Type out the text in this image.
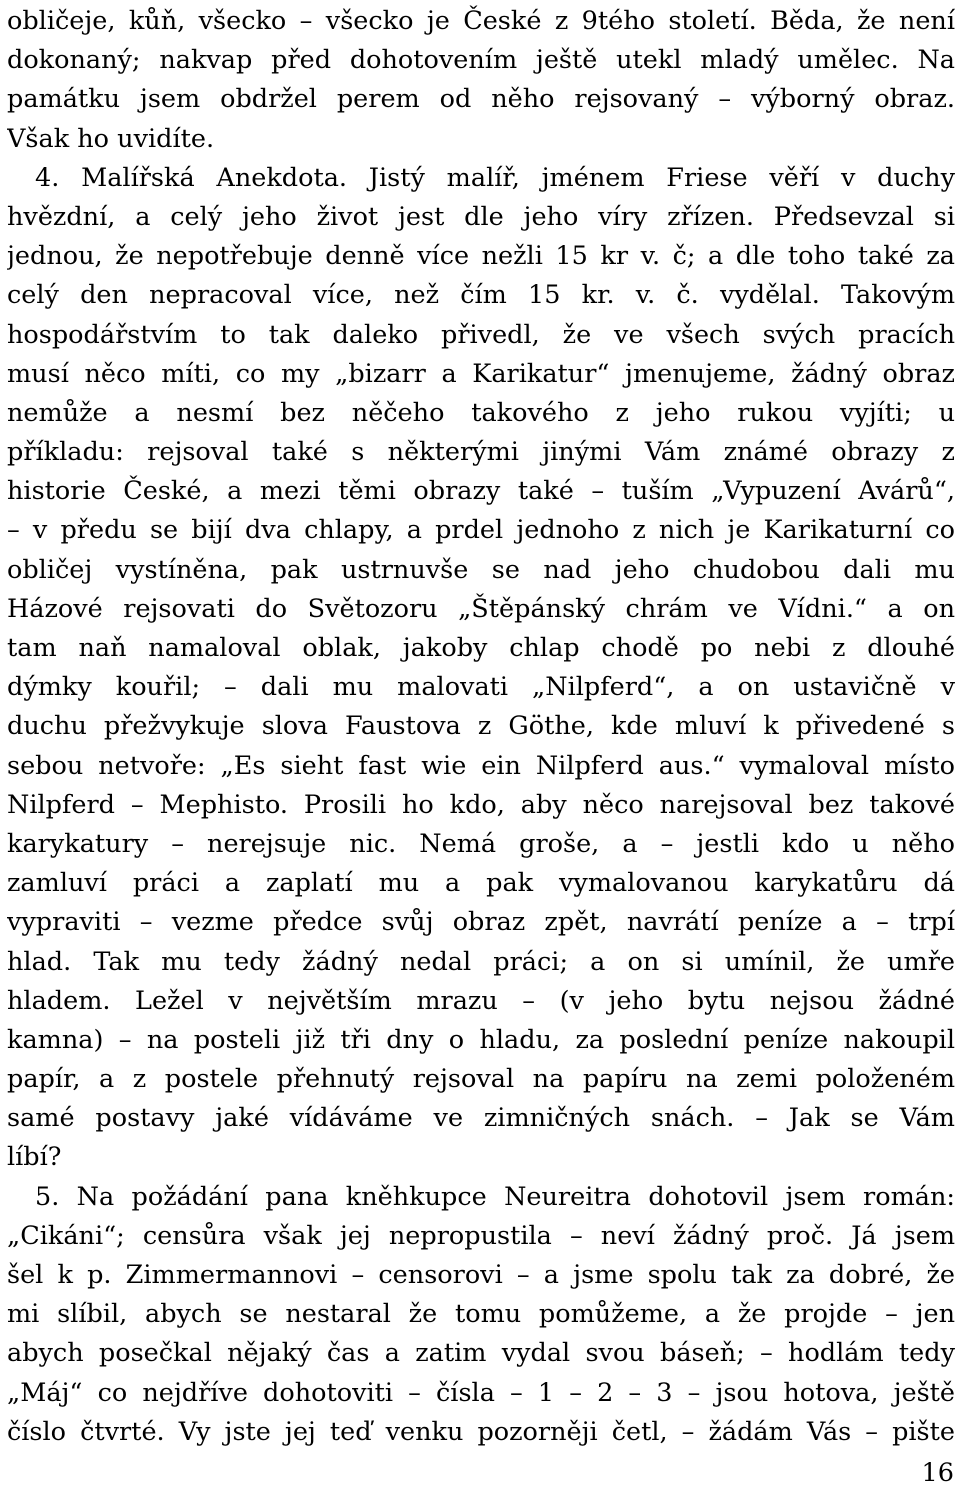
obličeje, kůň, všecko – všecko je České z 9tého století. Běda, že není
dokonaný; nakvap před dohotovením ještě utekl mladý umělec. Na
památku jsem obdržel perem od něho rejsovaný – výborný obraz.
Však ho uvidíte.
4. Malířská Anekdota. Jistý malíř, jménem Friese věří v duchy
hvězdní, a celý jeho život jest dle jeho víry zřízen. Předsevzal si
jednou, že nepotřebuje denně více nežli 15 kr v. č; a dle toho také za
celý den nepracoval více, než čím 15 kr. v. č. vydělal. Takovým
hospodářstvím to tak daleko přivedl, že ve všech svých pracích
musí něco míti, co my „bizarr a Karikatur“ jmenujeme, žádný obraz
nemůže a nesmí bez něčeho takového z jeho rukou vyjíti; u
příkladu: rejsoval také s některými jinými Vám známé obrazy z
historie České, a mezi těmi obrazy také – tuším „Vypuzení Avárů“,
– v předu se bijí dva chlapy, a prdel jednoho z nich je Karikaturní co
obličej vystíněna, pak ustrnuvše se nad jeho chudobou dali mu
Házové rejsovati do Světozoru „Štěpánský chrám ve Vídni.“ a on
tam naň namaloval oblak, jakoby chlap chodě po nebi z dlouhé
dýmky kouřil; – dali mu malovati „Nilpferd“, a on ustavičně v
duchu přežvykuje slova Faustova z Göthe, kde mluví k přivedené s
sebou netvoře: „Es sieht fast wie ein Nilpferd aus.“ vymaloval místo
Nilpferd – Mephisto. Prosili ho kdo, aby něco narejsoval bez takové
karykatury – nerejsuje nic. Nemá groše, a – jestli kdo u něho
zamluví práci a zaplatí mu a pak vymalovanou karykatůru dá
vypraviti – vezme předce svůj obraz zpět, navrátí peníze a – trpí
hlad. Tak mu tedy žádný nedal práci; a on si umínil, že umře
hladem. Ležel v největším mrazu – (v jeho bytu nejsou žádné
kamna) – na posteli již tři dny o hladu, za poslední peníze nakoupil
papír, a z postele přehnutý rejsoval na papíru na zemi položeném
samé postavy jaké vídáváme ve zimničných snách. – Jak se Vám
líbí?
5. Na požádání pana kněhkupce Neureitra dohotovil jsem román:
„Cikáni“; censůra však jej nepropustila – neví žádný proč. Já jsem
šel k p. Zimmermannovi – censorovi – a jsme spolu tak za dobré, že
mi slíbil, abych se nestaral že tomu pomůžeme, a že projde – jen
abych posečkal nějaký čas a zatim vydal svou báseň; – hodlám tedy
„Máj“ co nejdříve dohotoviti – čísla – 1 – 2 – 3 – jsou hotova, ještě
číslo čtvrté. Vy jste jej teď venku pozorněji četl, – žádám Vás – pište
16
